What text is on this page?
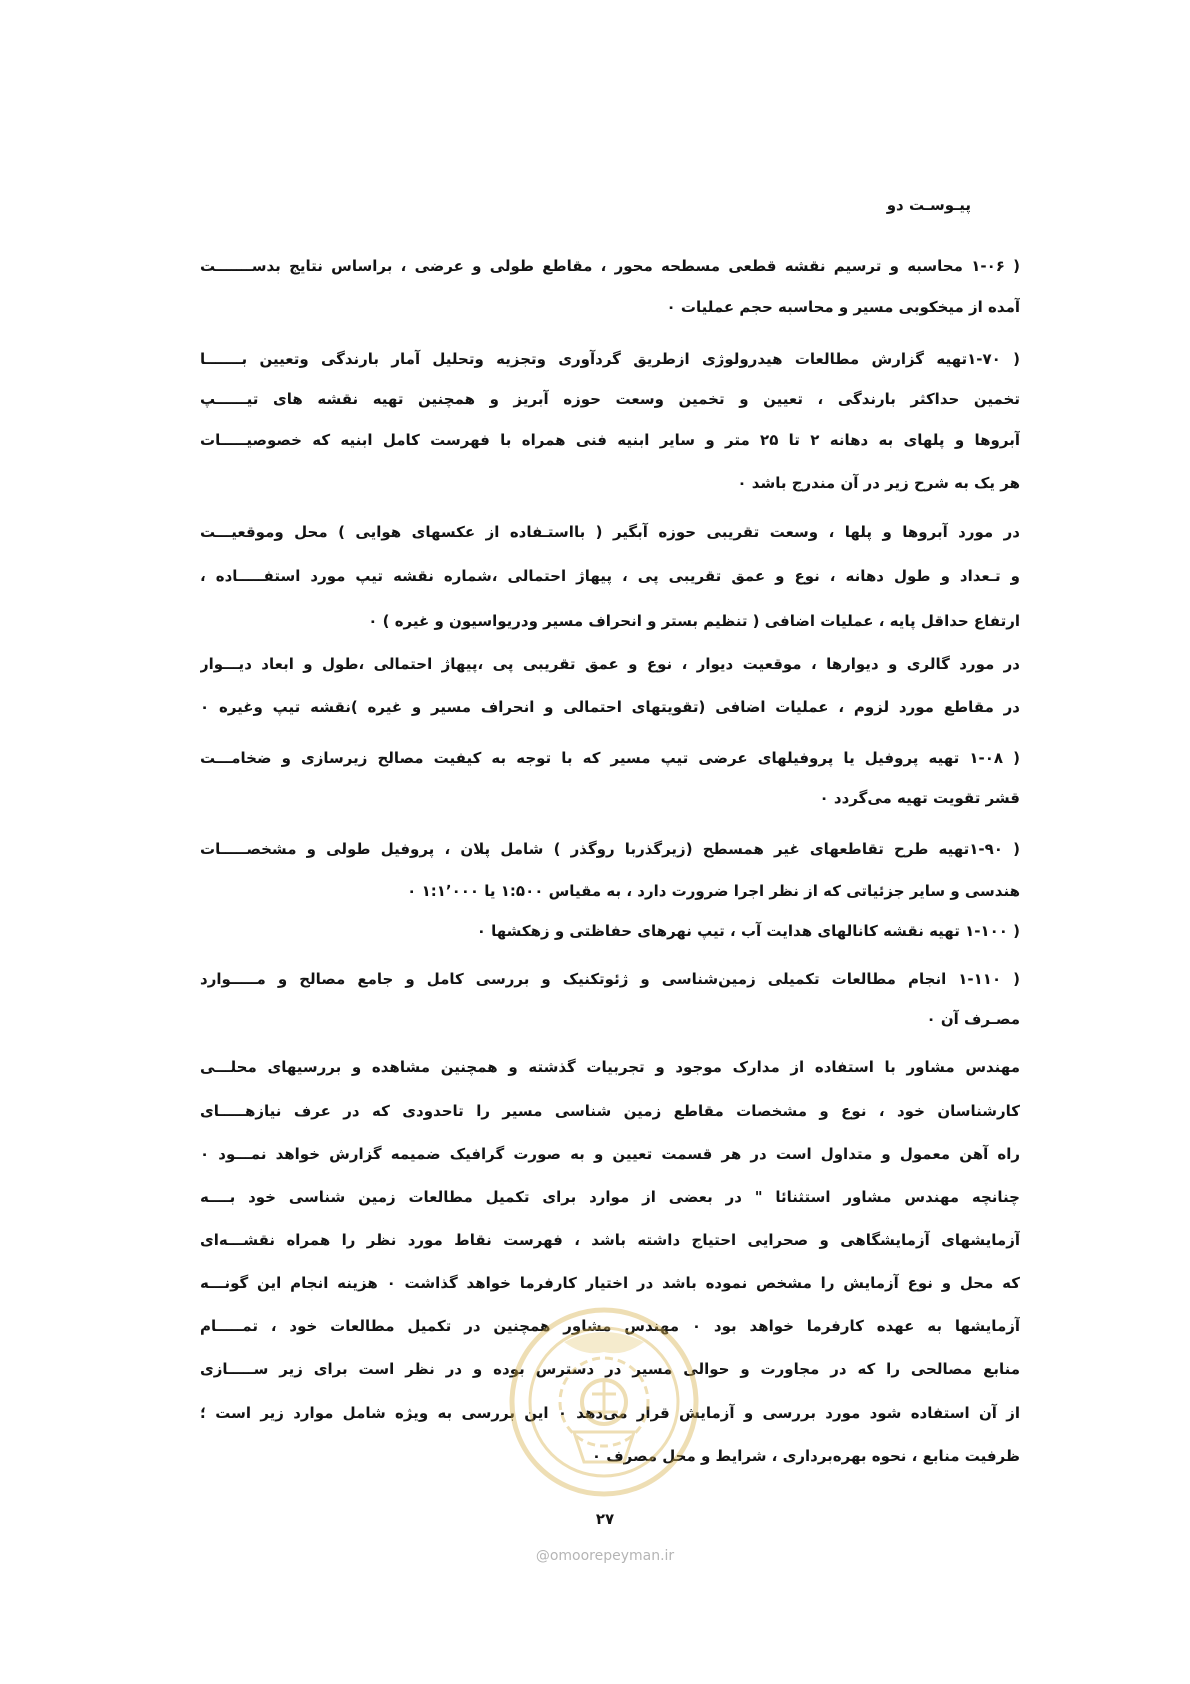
پیـوسـت دو
( ۱-۰۶ محاسبه و ترسیم نقشه قطعی مسطحه محور ، مقاطع طولی و عرضی ، براساس نتایج بدســـــــت
آمده از میخکوبی مسیر و محاسبه حجم عملیات ۰
( ۱-۷۰تهیه گزارش مطالعات هیدرولوژی ازطریق گردآوری وتجزیه وتحلیل آمار بارندگی وتعیین بـــــــا
تخمین حداکثر بارندگی ، تعیین و تخمین وسعت حوزه آبریز و همچنین تهیه نقشه های تیــــــپ
آبروها و پلهای به دهانه ۲ تا ۲۵ متر و سایر ابنیه فنی همراه با فهرست کامل ابنیه که خصوصیـــــات
هر یک به شرح زیر در آن مندرج باشد ۰
در مورد آبروها و پلها ، وسعت تقریبی حوزه آبگیر ( بااستـفاده از عکسهای هوایی ) محل وموقعیـــت
و تـعداد و طول دهانه ، نوع و عمق تقریبی پی ، پیهاژ احتمالی ،شماره نقشه تیپ مورد استفـــــاده ،
ارتفاع حداقل پایه ، عملیات اضافی ( تنظیم بستر و انحراف مسیر ودریواسیون و غیره ) ۰
در مورد گالری و دیوارها ، موقعیت دیوار ، نوع و عمق تقریبی پی ،پیهاژ احتمالی ،طول و ابعاد دیـــوار
در مقاطع مورد لزوم ، عملیات اضافی (تقویتهای احتمالی و انحراف مسیر و غیره )نقشه تیپ وغیره ۰
( ۱-۰۸ تهیه پروفیل یا پروفیلهای عرضی تیپ مسیر که با توجه به کیفیت مصالح زیرسازی و ضخامـــت
قشر تقویت تهیه می‌گردد ۰
( ۱-۹۰تهیه طرح تقاطعهای غیر همسطح (زیرگذربا روگذر ) شامل پلان ، پروفیل طولی و مشخصـــــات
هندسی و سایر جزئیاتی که از نظر اجرا ضرورت دارد ، به مقیاس ۱:۵۰۰ یا ۱:۱٬۰۰۰ ۰
( ۱-۱۰۰ تهیه نقشه کانالهای هدایت آب ، تیپ نهرهای حفاظتی و زهکشها ۰
( ۱-۱۱۰ انجام مطالعات تکمیلی زمین‌شناسی و ژئوتکنیک و بررسی کامل و جامع مصالح و مـــــوارد
مصـرف آن ۰
مهندس مشاور با استفاده از مدارک موجود و تجربیات گذشته و همچنین مشاهده و بررسیهای محلـــی
کارشناسان خود ، نوع و مشخصات مقاطع زمین شناسی مسیر را تاحدودی که در عرف نیازهـــــای
راه آهن معمول و متداول است در هر قسمت تعیین و به صورت گرافیک ضمیمه گزارش خواهد نمـــود ۰
چنانچه مهندس مشاور استثنائا " در بعضی از موارد برای تکمیل مطالعات زمین شناسی خود بــــه
آزمایشهای آزمایشگاهی و صحرایی احتیاج داشته باشد ، فهرست نقاط مورد نظر را همراه نقشـــه‌ای
که محل و نوع آزمایش را مشخص نموده باشد در اختیار کارفرما خواهد گذاشت ۰ هزینه انجام این گونـــه
آزمایشها به عهده کارفرما خواهد بود ۰ مهندس مشاور همچنین در تکمیل مطالعات خود ، تمـــــام
منابع مصالحی را که در مجاورت و حوالی مسیر در دسترس بوده و در نظر است برای زیر ســـــازی
از آن استفاده شود مورد بررسی و آزمایش قرار می‌دهد ۰ این بررسی به ویژه شامل موارد زیر است ؛
ظرفیت منابع ، نحوه بهره‌برداری ، شرایط و محل مصرف ۰
۲۷
@omoorepeyman.ir
